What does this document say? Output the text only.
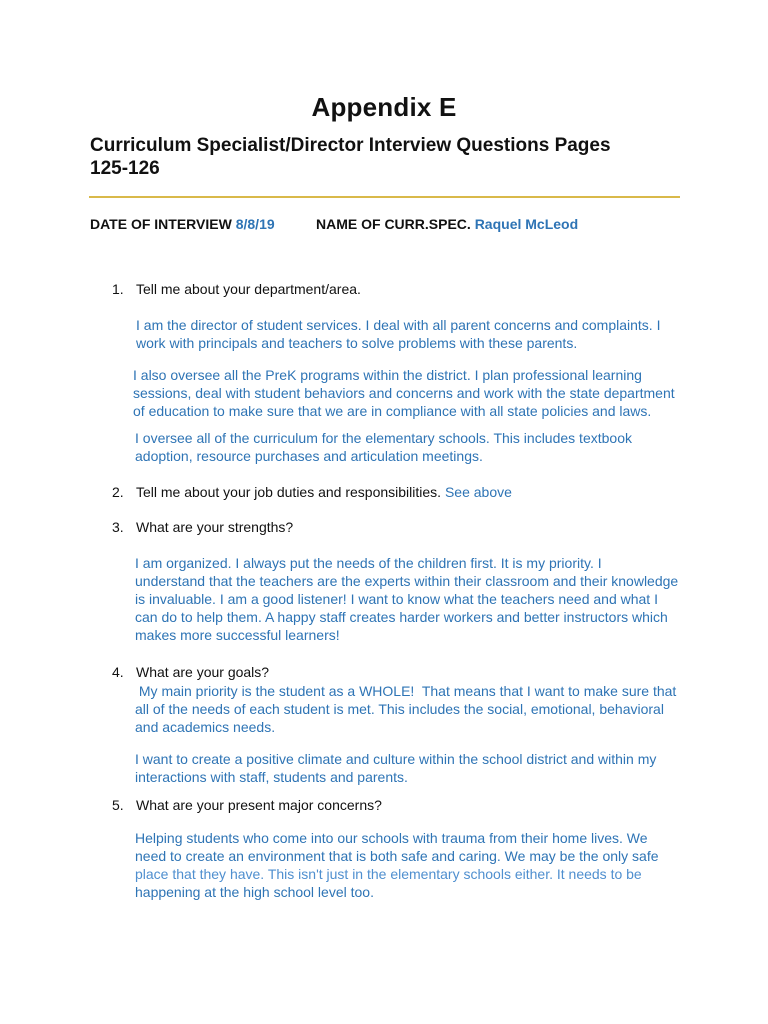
Appendix E
Curriculum Specialist/Director Interview Questions Pages
125-126
DATE OF INTERVIEW 8/8/19	NAME OF CURR.SPEC. Raquel McLeod
1. Tell me about your department/area.
I am the director of student services. I deal with all parent concerns and complaints. I
work with principals and teachers to solve problems with these parents.
I also oversee all the PreK programs within the district. I plan professional learning
sessions, deal with student behaviors and concerns and work with the state department
of education to make sure that we are in compliance with all state policies and laws.
I oversee all of the curriculum for the elementary schools. This includes textbook
adoption, resource purchases and articulation meetings.
2. Tell me about your job duties and responsibilities. See above
3. What are your strengths?
I am organized. I always put the needs of the children first. It is my priority. I
understand that the teachers are the experts within their classroom and their knowledge
is invaluable. I am a good listener! I want to know what the teachers need and what I
can do to help them. A happy staff creates harder workers and better instructors which
makes more successful learners!
4. What are your goals?
My main priority is the student as a WHOLE!  That means that I want to make sure that
all of the needs of each student is met. This includes the social, emotional, behavioral
and academics needs.
I want to create a positive climate and culture within the school district and within my
interactions with staff, students and parents.
5. What are your present major concerns?
Helping students who come into our schools with trauma from their home lives. We
need to create an environment that is both safe and caring. We may be the only safe
place that they have. This isn't just in the elementary schools either. It needs to be
happening at the high school level too.
